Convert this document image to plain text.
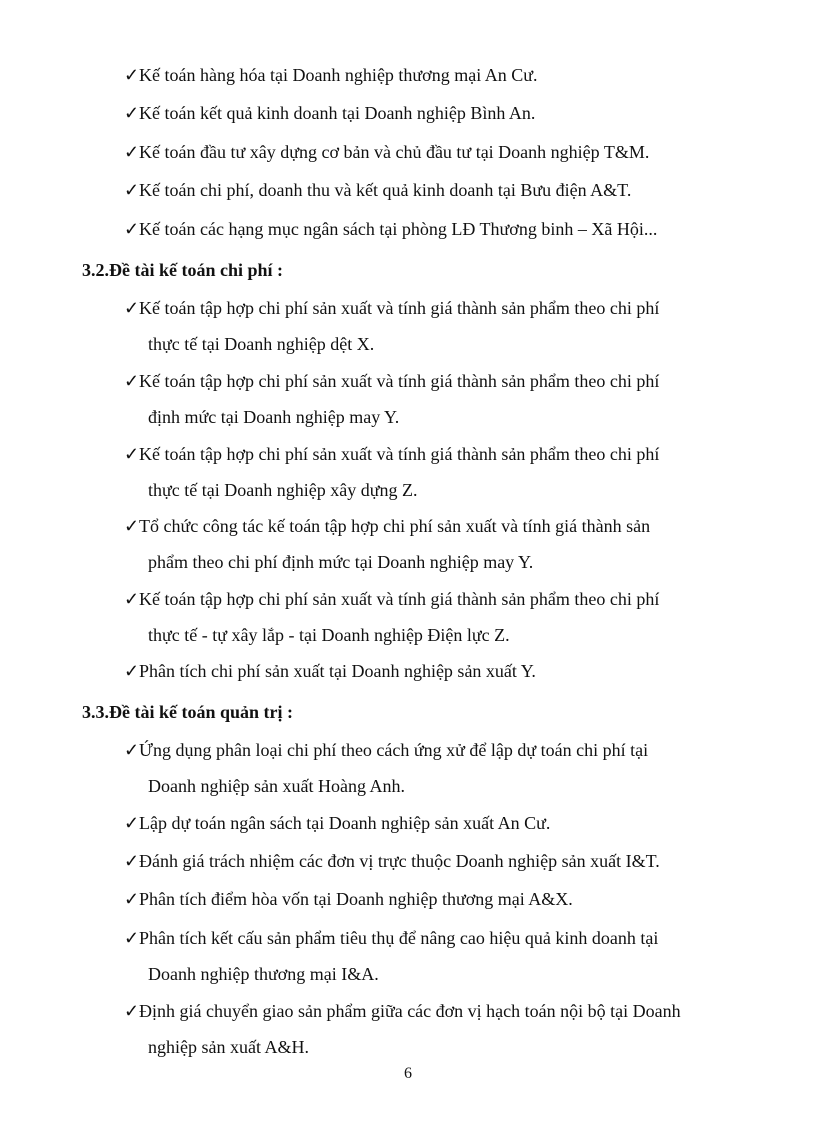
✓Kế toán hàng hóa tại Doanh nghiệp thương mại An Cư.
✓Kế toán kết quả kinh doanh tại Doanh nghiệp Bình An.
✓Kế toán đầu tư xây dựng cơ bản và chủ đầu tư tại Doanh nghiệp T&M.
✓Kế toán chi phí, doanh thu và kết quả kinh doanh tại Bưu điện A&T.
✓Kế toán các hạng mục ngân sách tại phòng LĐ Thương binh – Xã Hội...
3.2.Đề tài kế toán chi phí :
✓Kế toán tập hợp chi phí sản xuất và tính giá thành sản phẩm theo chi phí
thực tế tại Doanh nghiệp dệt X.
✓Kế toán tập hợp chi phí sản xuất và tính giá thành sản phẩm theo chi phí
định mức tại Doanh nghiệp may Y.
✓Kế toán tập hợp chi phí sản xuất và tính giá thành sản phẩm theo chi phí
thực tế tại Doanh nghiệp xây dựng Z.
✓Tổ chức công tác kế toán tập hợp chi phí sản xuất và tính giá thành sản
phẩm theo chi phí định mức tại Doanh nghiệp may Y.
✓Kế toán tập hợp chi phí sản xuất và tính giá thành sản phẩm theo chi phí
thực tế - tự xây lắp - tại Doanh nghiệp Điện lực Z.
✓Phân tích chi phí sản xuất tại Doanh nghiệp sản xuất Y.
3.3.Đề tài kế toán quản trị :
✓Ứng dụng phân loại chi phí theo cách ứng xử để lập dự toán chi phí tại
Doanh nghiệp sản xuất Hoàng Anh.
✓Lập dự toán ngân sách tại Doanh nghiệp sản xuất An Cư.
✓Đánh giá trách nhiệm các đơn vị trực thuộc Doanh nghiệp sản xuất I&T.
✓Phân tích điểm hòa vốn tại Doanh nghiệp thương mại A&X.
✓Phân tích kết cấu sản phẩm tiêu thụ để nâng cao hiệu quả kinh doanh tại
Doanh nghiệp thương mại I&A.
✓Định giá chuyển giao sản phẩm giữa các đơn vị hạch toán nội bộ tại Doanh
nghiệp sản xuất A&H.
6
